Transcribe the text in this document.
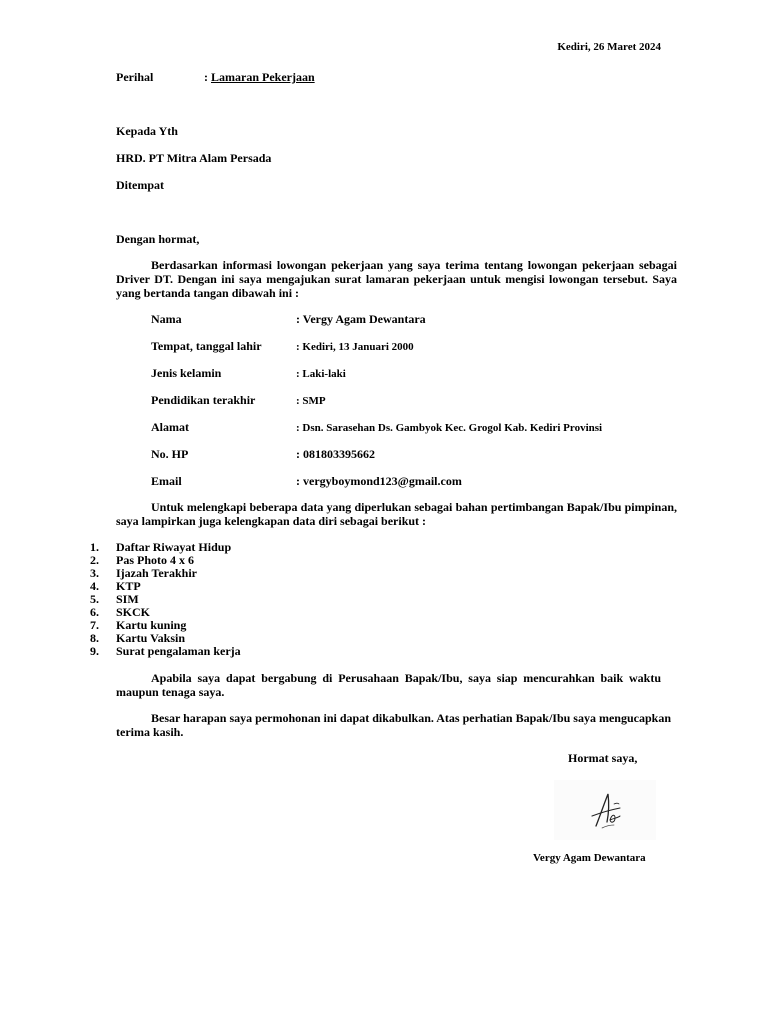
Kediri, 26 Maret 2024
Perihal	: Lamaran Pekerjaan
Kepada Yth
HRD. PT Mitra Alam Persada
Ditempat
Dengan hormat,

Berdasarkan informasi lowongan pekerjaan yang saya terima tentang lowongan pekerjaan sebagai Driver DT. Dengan ini saya mengajukan surat lamaran pekerjaan untuk mengisi lowongan tersebut. Saya yang bertanda tangan dibawah ini :

Nama	: Vergy Agam Dewantara
Tempat, tanggal lahir	: Kediri, 13 Januari 2000
Jenis kelamin	: Laki-laki
Pendidikan terakhir	: SMP
Alamat	: Dsn. Sarasehan Ds. Gambyok Kec. Grogol Kab. Kediri Provinsi
No. HP	: 081803395662
Email	: vergyboymond123@gmail.com

Untuk melengkapi beberapa data yang diperlukan sebagai bahan pertimbangan Bapak/Ibu pimpinan, saya lampirkan juga kelengkapan data diri sebagai berikut :

1. Daftar Riwayat Hidup
2. Pas Photo 4 x 6
3. Ijazah Terakhir
4. KTP
5. SIM
6. SKCK
7. Kartu kuning
8. Kartu Vaksin
9. Surat pengalaman kerja

Apabila saya dapat bergabung di Perusahaan Bapak/Ibu, saya siap mencurahkan baik waktu maupun tenaga saya.

Besar harapan saya permohonan ini dapat dikabulkan. Atas perhatian Bapak/Ibu saya mengucapkan terima kasih.

Hormat saya,
Vergy Agam Dewantara
